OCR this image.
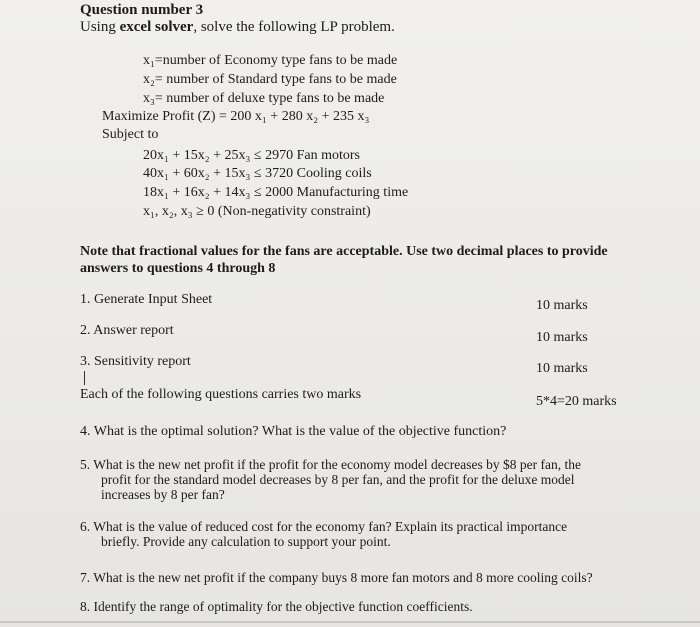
Question number 3
Using excel solver, solve the following LP problem.
x₁=number of Economy type fans to be made
x₂= number of Standard type fans to be made
x₃= number of deluxe type fans to be made
Maximize Profit (Z) = 200 x₁ + 280 x₂ + 235 x₃
Subject to
20x₁ + 15x₂ + 25x₃ ≤ 2970 Fan motors
40x₁ + 60x₂ + 15x₃ ≤ 3720 Cooling coils
18x₁ + 16x₂ + 14x₃ ≤ 2000 Manufacturing time
x₁, x₂, x₃ ≥ 0 (Non-negativity constraint)
Note that fractional values for the fans are acceptable. Use two decimal places to provide
answers to questions 4 through 8
1. Generate Input Sheet	10 marks
2. Answer report	10 marks
3. Sensitivity report	10 marks
Each of the following questions carries two marks	5*4=20 marks
4. What is the optimal solution? What is the value of the objective function?
5. What is the new net profit if the profit for the economy model decreases by $8 per fan, the
profit for the standard model decreases by 8 per fan, and the profit for the deluxe model
increases by 8 per fan?
6. What is the value of reduced cost for the economy fan? Explain its practical importance
briefly. Provide any calculation to support your point.
7. What is the new net profit if the company buys 8 more fan motors and 8 more cooling coils?
8. Identify the range of optimality for the objective function coefficients.
